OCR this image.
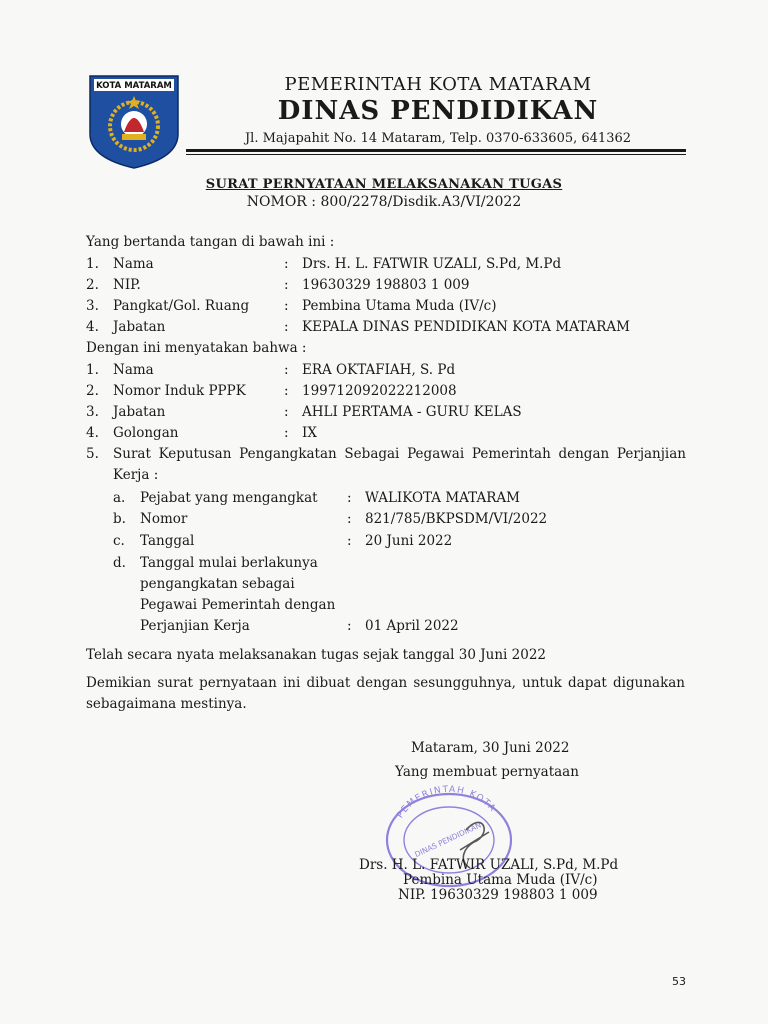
KOTA MATARAM	PEMERINTAH KOTA MATARAM
DINAS PENDIDIKAN
Jl. Majapahit No. 14 Mataram, Telp. 0370-633605, 641362
SURAT PERNYATAAN MELAKSANAKAN TUGAS
NOMOR : 800/2278/Disdik.A3/VI/2022
Yang bertanda tangan di bawah ini :
1. Nama	: Drs. H. L. FATWIR UZALI, S.Pd, M.Pd
2. NIP.	: 19630329 198803 1 009
3. Pangkat/Gol. Ruang	: Pembina Utama Muda (IV/c)
4. Jabatan	: KEPALA DINAS PENDIDIKAN KOTA MATARAM
Dengan ini menyatakan bahwa :
1. Nama	: ERA OKTAFIAH, S. Pd
2. Nomor Induk PPPK	: 199712092022212008
3. Jabatan	: AHLI PERTAMA - GURU KELAS
4. Golongan	: IX
5. Surat Keputusan Pengangkatan Sebagai Pegawai Pemerintah dengan Perjanjian
Kerja :
a. Pejabat yang mengangkat : WALIKOTA MATARAM
b. Nomor	: 821/785/BKPSDM/VI/2022
c. Tanggal	: 20 Juni 2022
d. Tanggal mulai berlakunya
pengangkatan sebagai
Pegawai Pemerintah dengan
Perjanjian Kerja	: 01 April 2022
Telah secara nyata melaksanakan tugas sejak tanggal 30 Juni 2022
Demikian surat pernyataan ini dibuat dengan sesungguhnya, untuk dapat digunakan
sebagaimana mestinya.
PEMERINTAH KOTA
DINAS PENDIDIKAN
Mataram, 30 Juni 2022
Yang membuat pernyataan
Drs. H. L. FATWIR UZALI, S.Pd, M.Pd
Pembina Utama Muda (IV/c)
NIP. 19630329 198803 1 009
53
